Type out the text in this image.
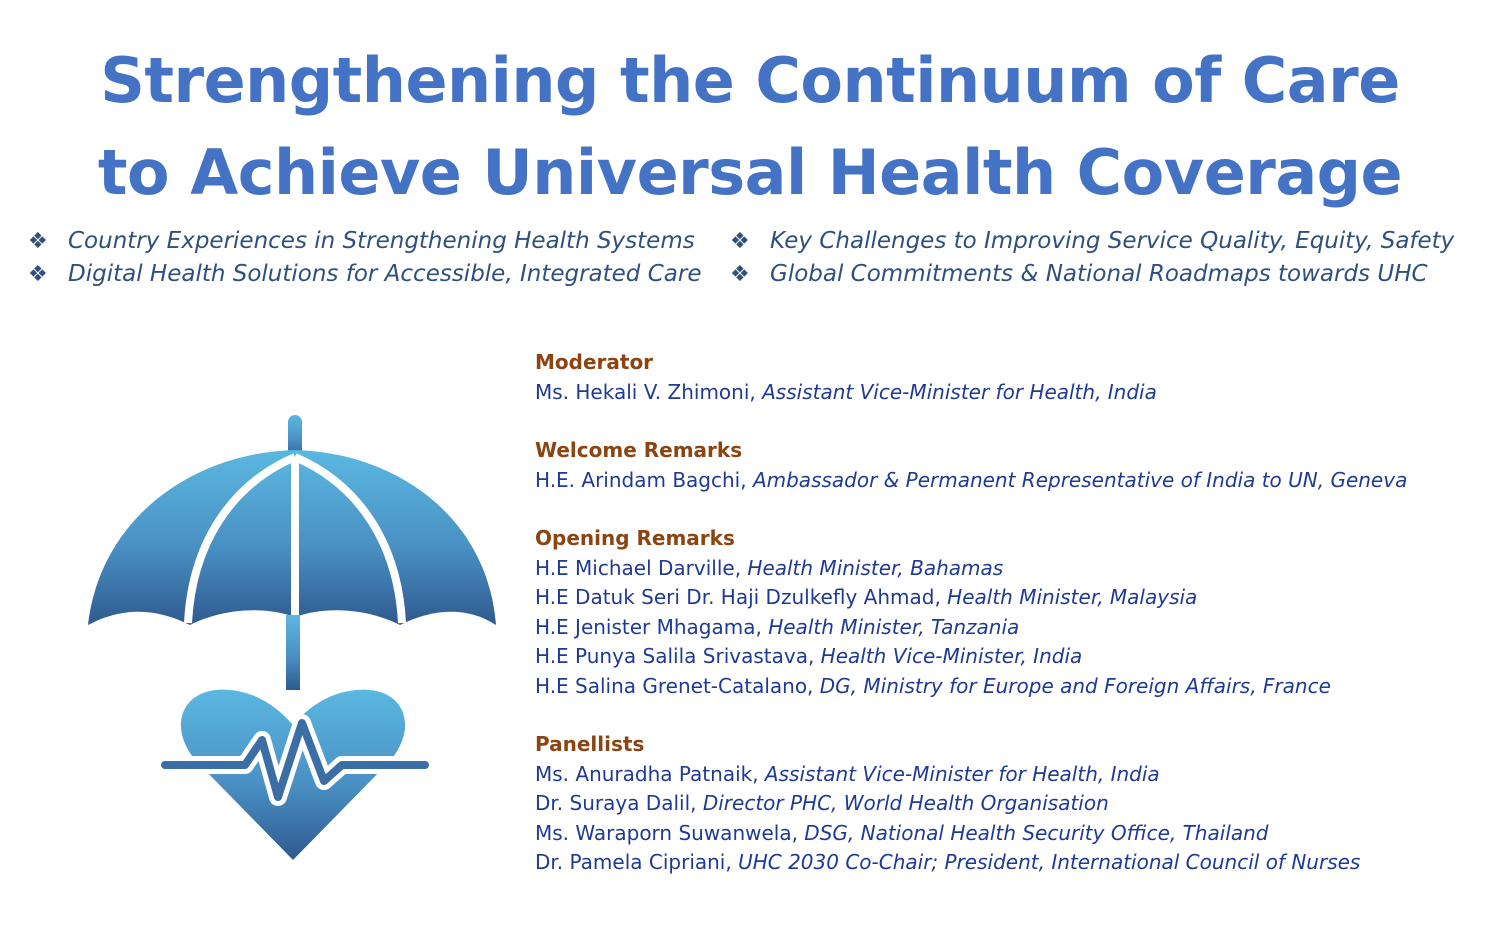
Strengthening the Continuum of Care
to Achieve Universal Health Coverage
❖ Country Experiences in Strengthening Health Systems ❖ Key Challenges to Improving Service Quality, Equity, Safety
❖ Digital Health Solutions for Accessible, Integrated Care ❖ Global Commitments & National Roadmaps towards UHC
Moderator
Ms. Hekali V. Zhimoni, Assistant Vice-Minister for Health, India
Welcome Remarks
H.E. Arindam Bagchi, Ambassador & Permanent Representative of India to UN, Geneva
Opening Remarks
H.E Michael Darville, Health Minister, Bahamas
H.E Datuk Seri Dr. Haji Dzulkefly Ahmad, Health Minister, Malaysia
H.E Jenister Mhagama, Health Minister, Tanzania
H.E Punya Salila Srivastava, Health Vice-Minister, India
H.E Salina Grenet-Catalano, DG, Ministry for Europe and Foreign Affairs, France
Panellists
Ms. Anuradha Patnaik, Assistant Vice-Minister for Health, India
Dr. Suraya Dalil, Director PHC, World Health Organisation
Ms. Waraporn Suwanwela, DSG, National Health Security Office, Thailand
Dr. Pamela Cipriani, UHC 2030 Co-Chair; President, International Council of Nurses
